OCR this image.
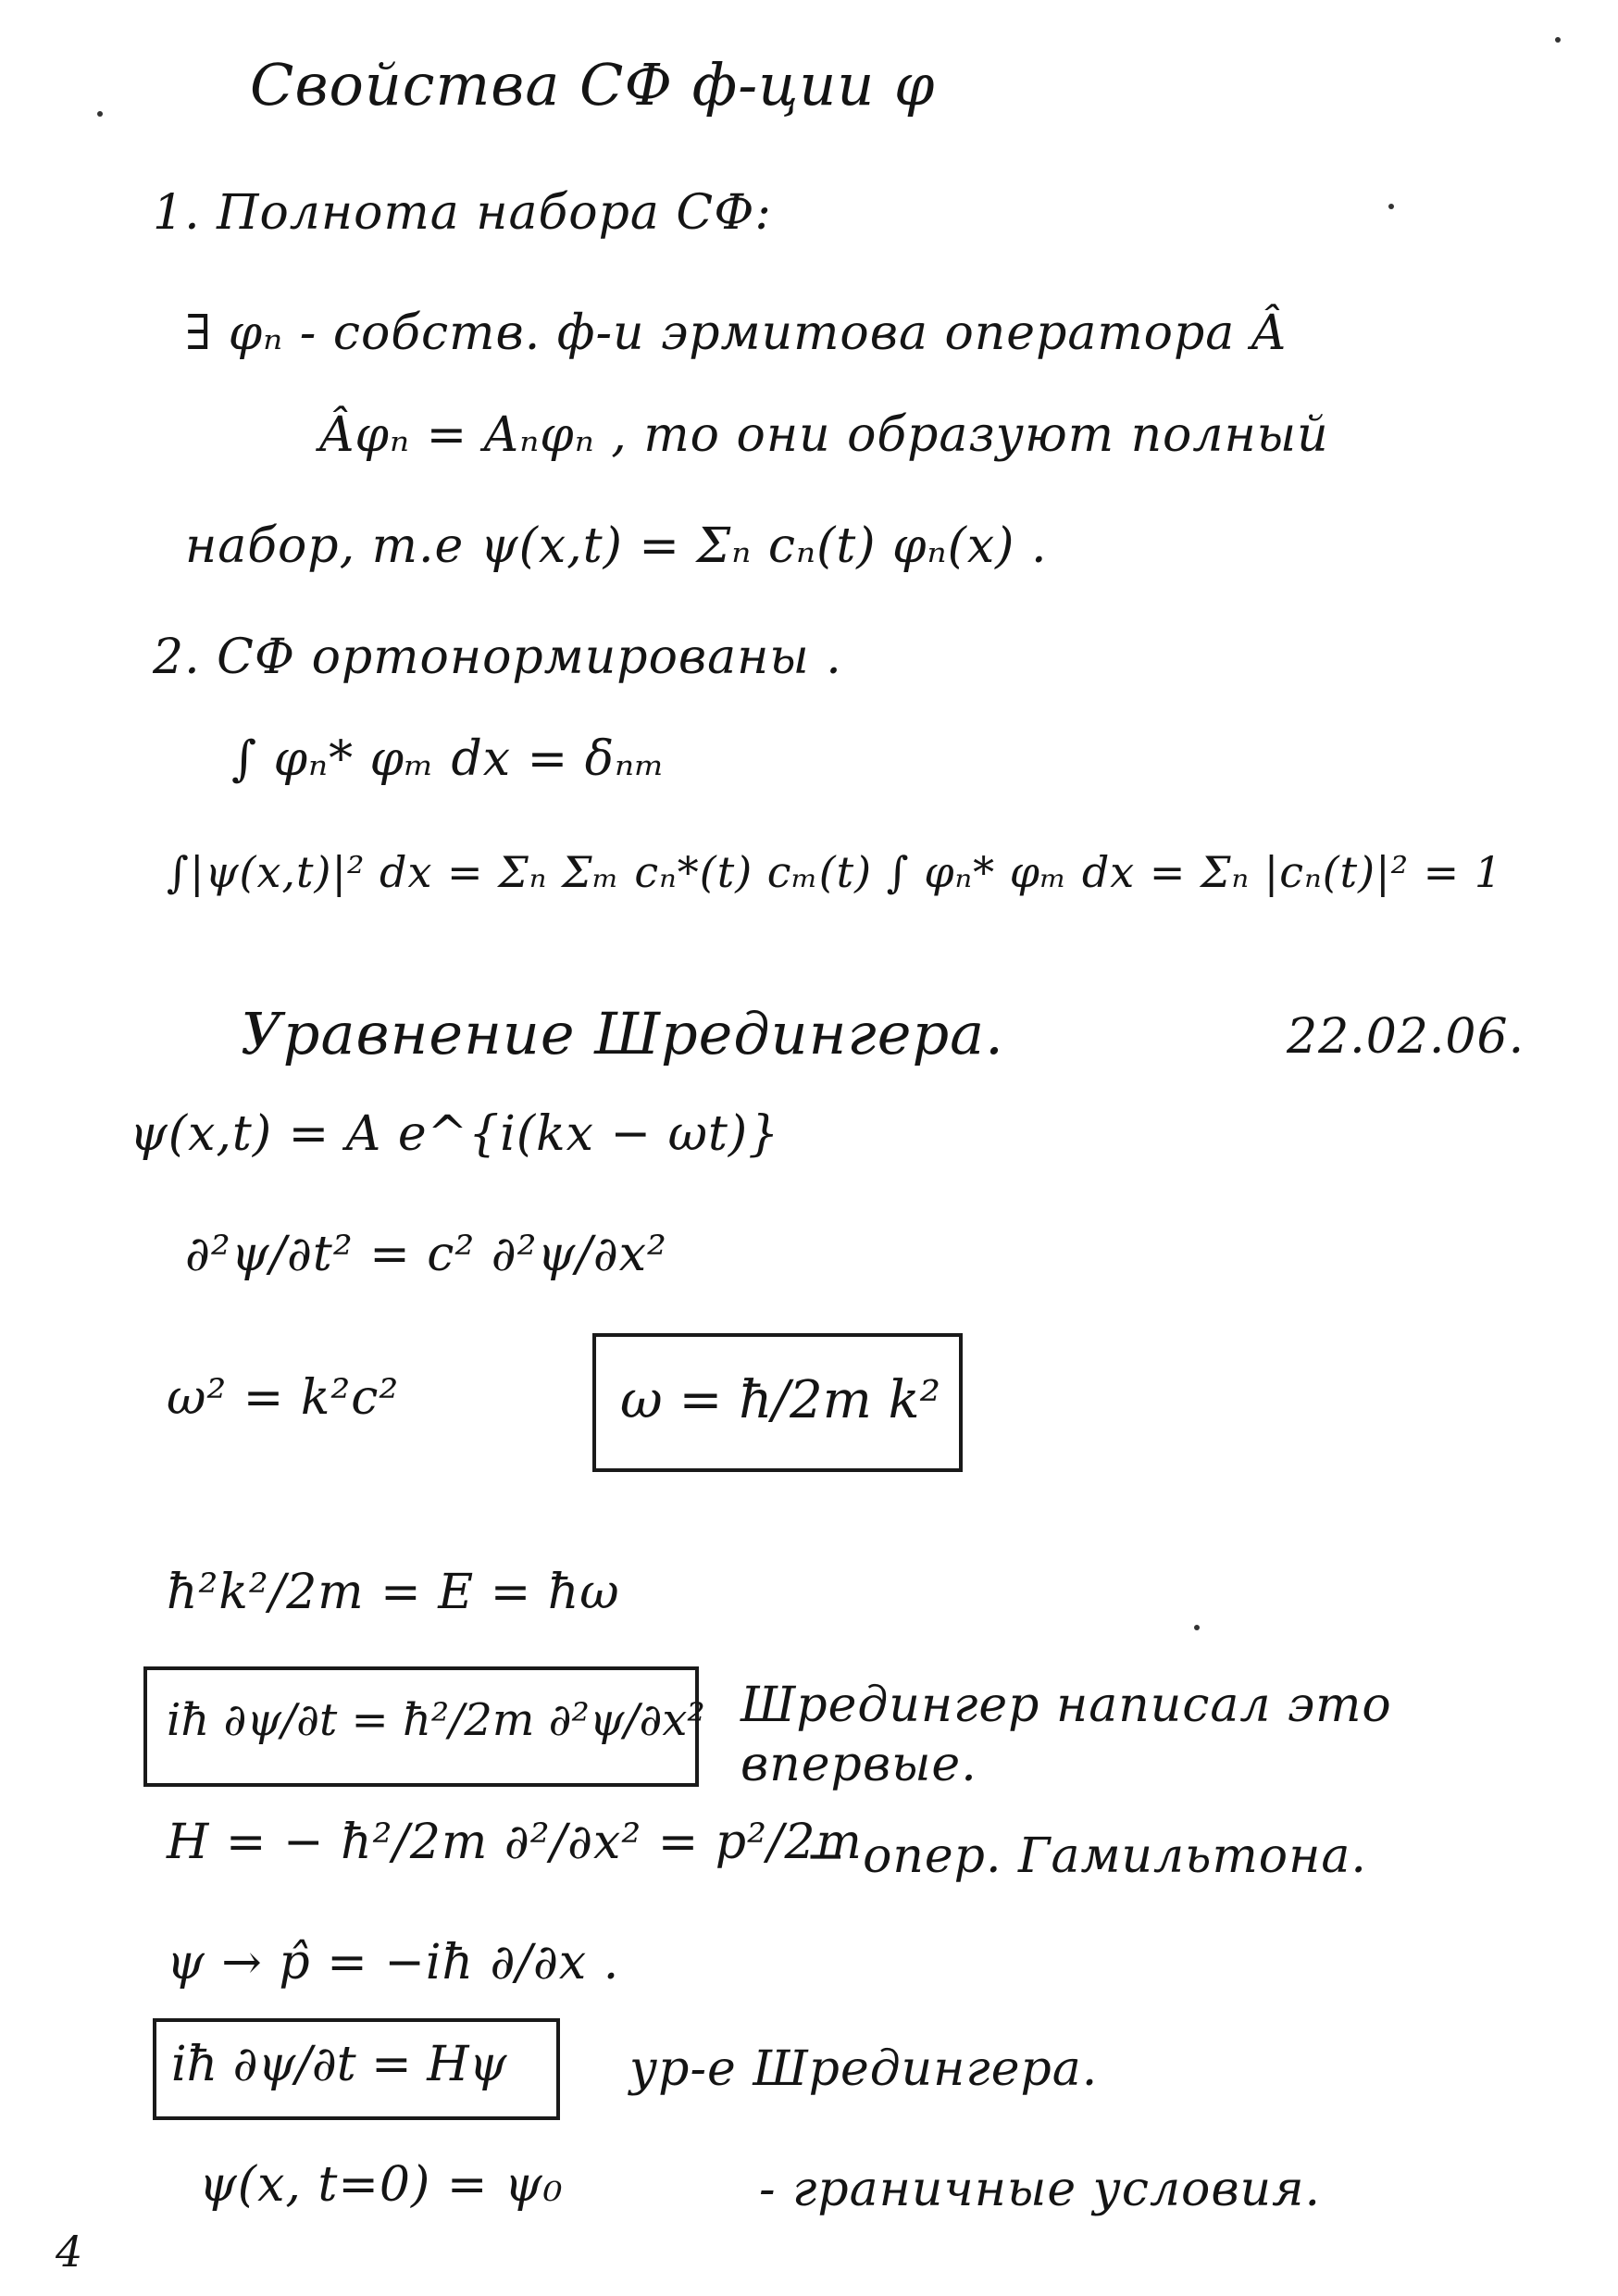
Свойства СФ ф-ции φ
1. Полнота набора СФ:
∃ φₙ - собств. ф-и эрмитова оператора Â
Âφₙ = Aₙφₙ , то они образуют полный
набор, т.е ψ(x,t) = Σₙ cₙ(t) φₙ(x) .
2. СФ ортонормированы .
∫ φₙ* φₘ dx = δₙₘ
∫|ψ(x,t)|² dx = Σₙ Σₘ cₙ*(t) cₘ(t) ∫ φₙ* φₘ dx = Σₙ |cₙ(t)|² = 1
Уравнение Шредингера.	22.02.06.
ψ(x,t) = A e^{i(kx − ωt)}
∂²ψ/∂t² = c² ∂²ψ/∂x²
ω² = k²c²	ω = ħ/2m k²
ħ²k²/2m = E = ħω
iħ ∂ψ/∂t = ħ²/2m ∂²ψ/∂x² Шредингер написал это впервые.
H = − ħ²/2m ∂²/∂x² = p²/2m
− опер. Гамильтона.
ψ → p̂ = −iħ ∂/∂x .
iħ ∂ψ/∂t = Hψ	ур-е Шредингера.
ψ(x, t=0) = ψ₀	- граничные условия.
4
